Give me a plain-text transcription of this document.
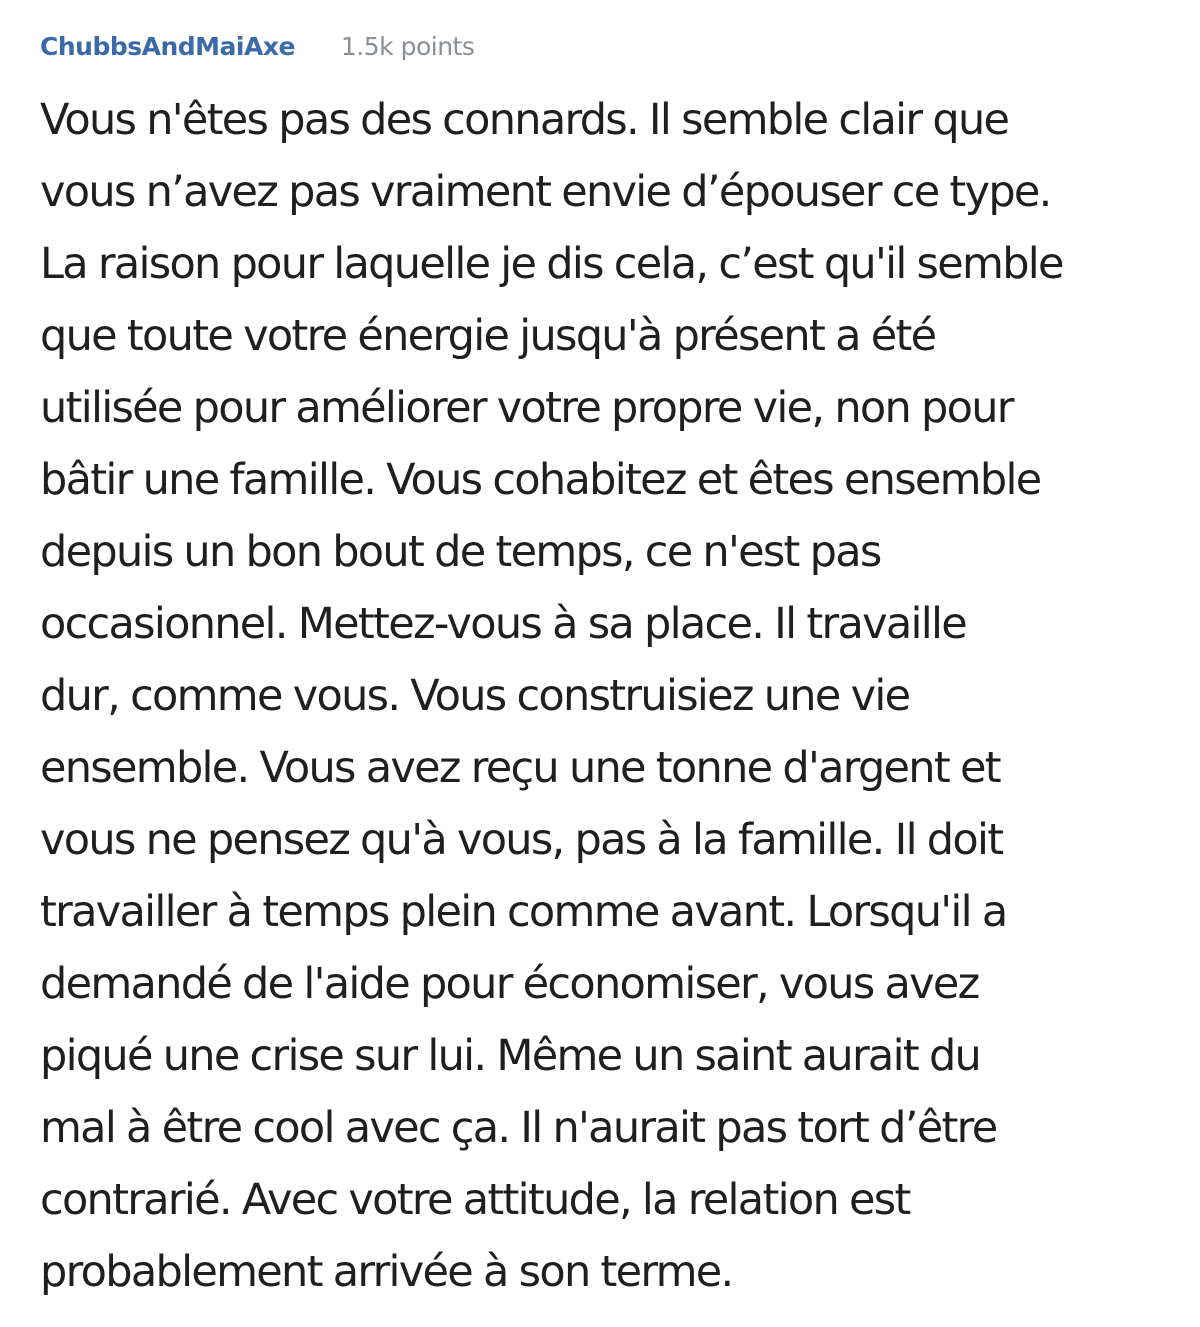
ChubbsAndMaiAxe 1.5k points
Vous n'êtes pas des connards. Il semble clair que
vous n’avez pas vraiment envie d’épouser ce type.
La raison pour laquelle je dis cela, c’est qu'il semble
que toute votre énergie jusqu'à présent a été
utilisée pour améliorer votre propre vie, non pour
bâtir une famille. Vous cohabitez et êtes ensemble
depuis un bon bout de temps, ce n'est pas
occasionnel. Mettez-vous à sa place. Il travaille
dur, comme vous. Vous construisiez une vie
ensemble. Vous avez reçu une tonne d'argent et
vous ne pensez qu'à vous, pas à la famille. Il doit
travailler à temps plein comme avant. Lorsqu'il a
demandé de l'aide pour économiser, vous avez
piqué une crise sur lui. Même un saint aurait du
mal à être cool avec ça. Il n'aurait pas tort d’être
contrarié. Avec votre attitude, la relation est
probablement arrivée à son terme.
